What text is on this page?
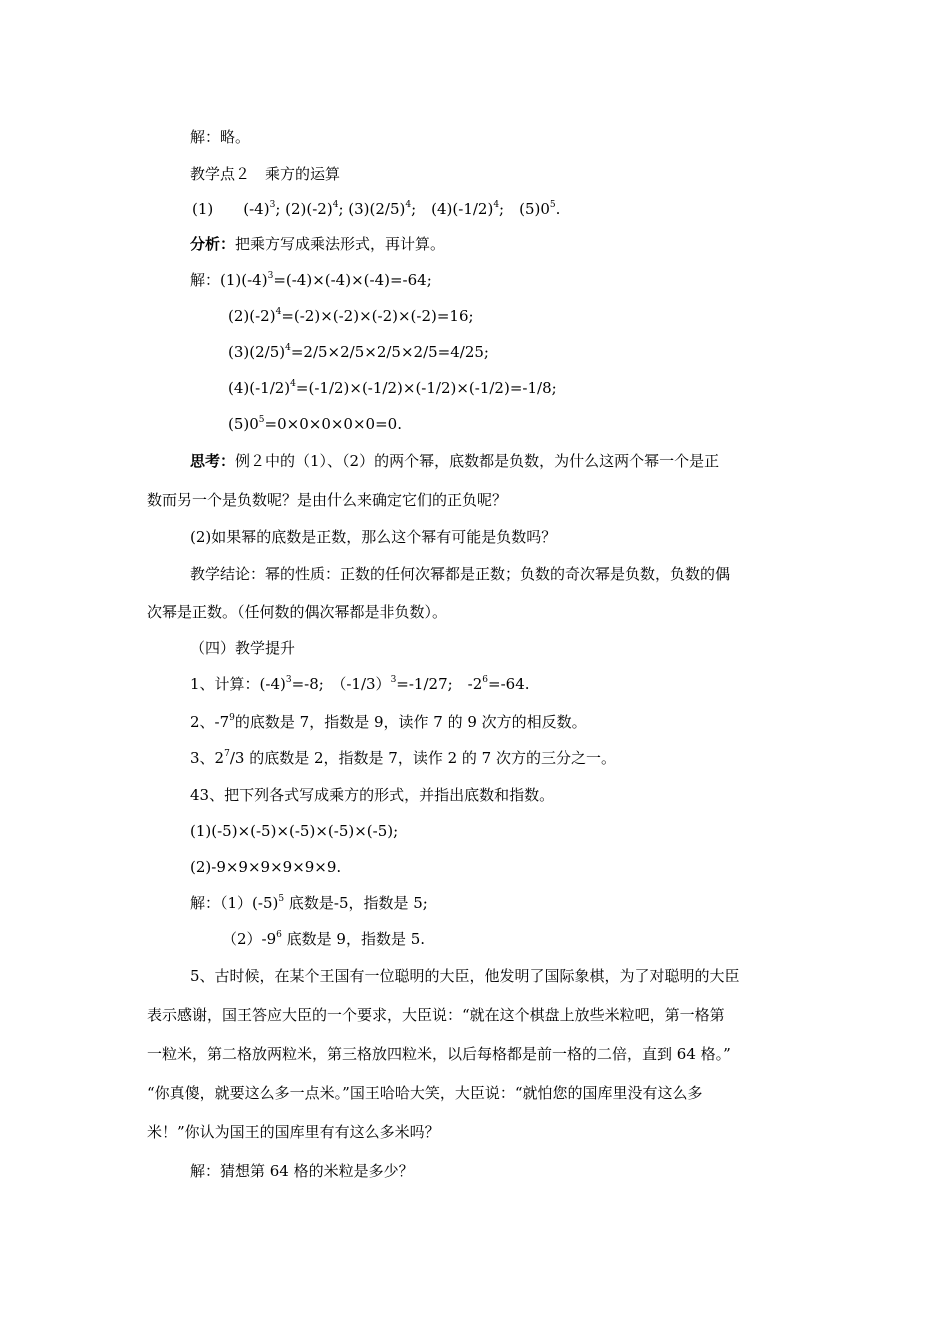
解：略。
教学点２　乘方的运算
(1)　　$(-4)^3$; $(2)(-2)^4$; $(3)(2/5)^4$;　$(4)(-1/2)^4$;　$(5)0^5$.
分析：把乘方写成乘法形式，再计算。
解：$(1)(-4)^3=(-4)\times(-4)\times(-4)=-64$;
$(2)(-2)^4=(-2)\times(-2)\times(-2)\times(-2)=16$;
$(3)(2/5)^4=2/5\times 2/5\times 2/5\times 2/5=4/25$;
$(4)(-1/2)^4=(-1/2)\times(-1/2)\times(-1/2)\times(-1/2)=-1/8$;
$(5)0^5=0\times 0\times 0\times 0\times 0=0$.
思考：例２中的（1）、（2）的两个幂，底数都是负数，为什么这两个幂一个是正
数而另一个是负数呢？是由什么来确定它们的正负呢？
(2)如果幂的底数是正数，那么这个幂有可能是负数吗？
教学结论：幂的性质：正数的任何次幂都是正数；负数的奇次幂是负数，负数的偶
次幂是正数。（任何数的偶次幂都是非负数）。
（四）教学提升
1、计算：$(-4)^3=-8$;　$(-1/3)^3=-1/27$;　$-2^6=-64$.
2、$-7^9$的底数是 7，指数是 9，读作 7 的 9 次方的相反数。
3、$2^7/3$ 的底数是 2，指数是 7，读作 2 的 7 次方的三分之一。
43、把下列各式写成乘方的形式，并指出底数和指数。
(1)(-5)×(-5)×(-5)×(-5)×(-5);
(2)-9×9×9×9×9×9.
解：$(1)(-5)^5$ 底数是-5，指数是 5;
$(2)-9^6$ 底数是 9，指数是 5.
5、古时候，在某个王国有一位聪明的大臣，他发明了国际象棋，为了对聪明的大臣
表示感谢，国王答应大臣的一个要求，大臣说：“就在这个棋盘上放些米粒吧，第一格第
一粒米，第二格放两粒米，第三格放四粒米，以后每格都是前一格的二倍，直到 64 格。”
“你真傻，就要这么多一点米。”国王哈哈大笑，大臣说：“就怕您的国库里没有这么多
米！”你认为国王的国库里有有这么多米吗？
解：猜想第 64 格的米粒是多少？
